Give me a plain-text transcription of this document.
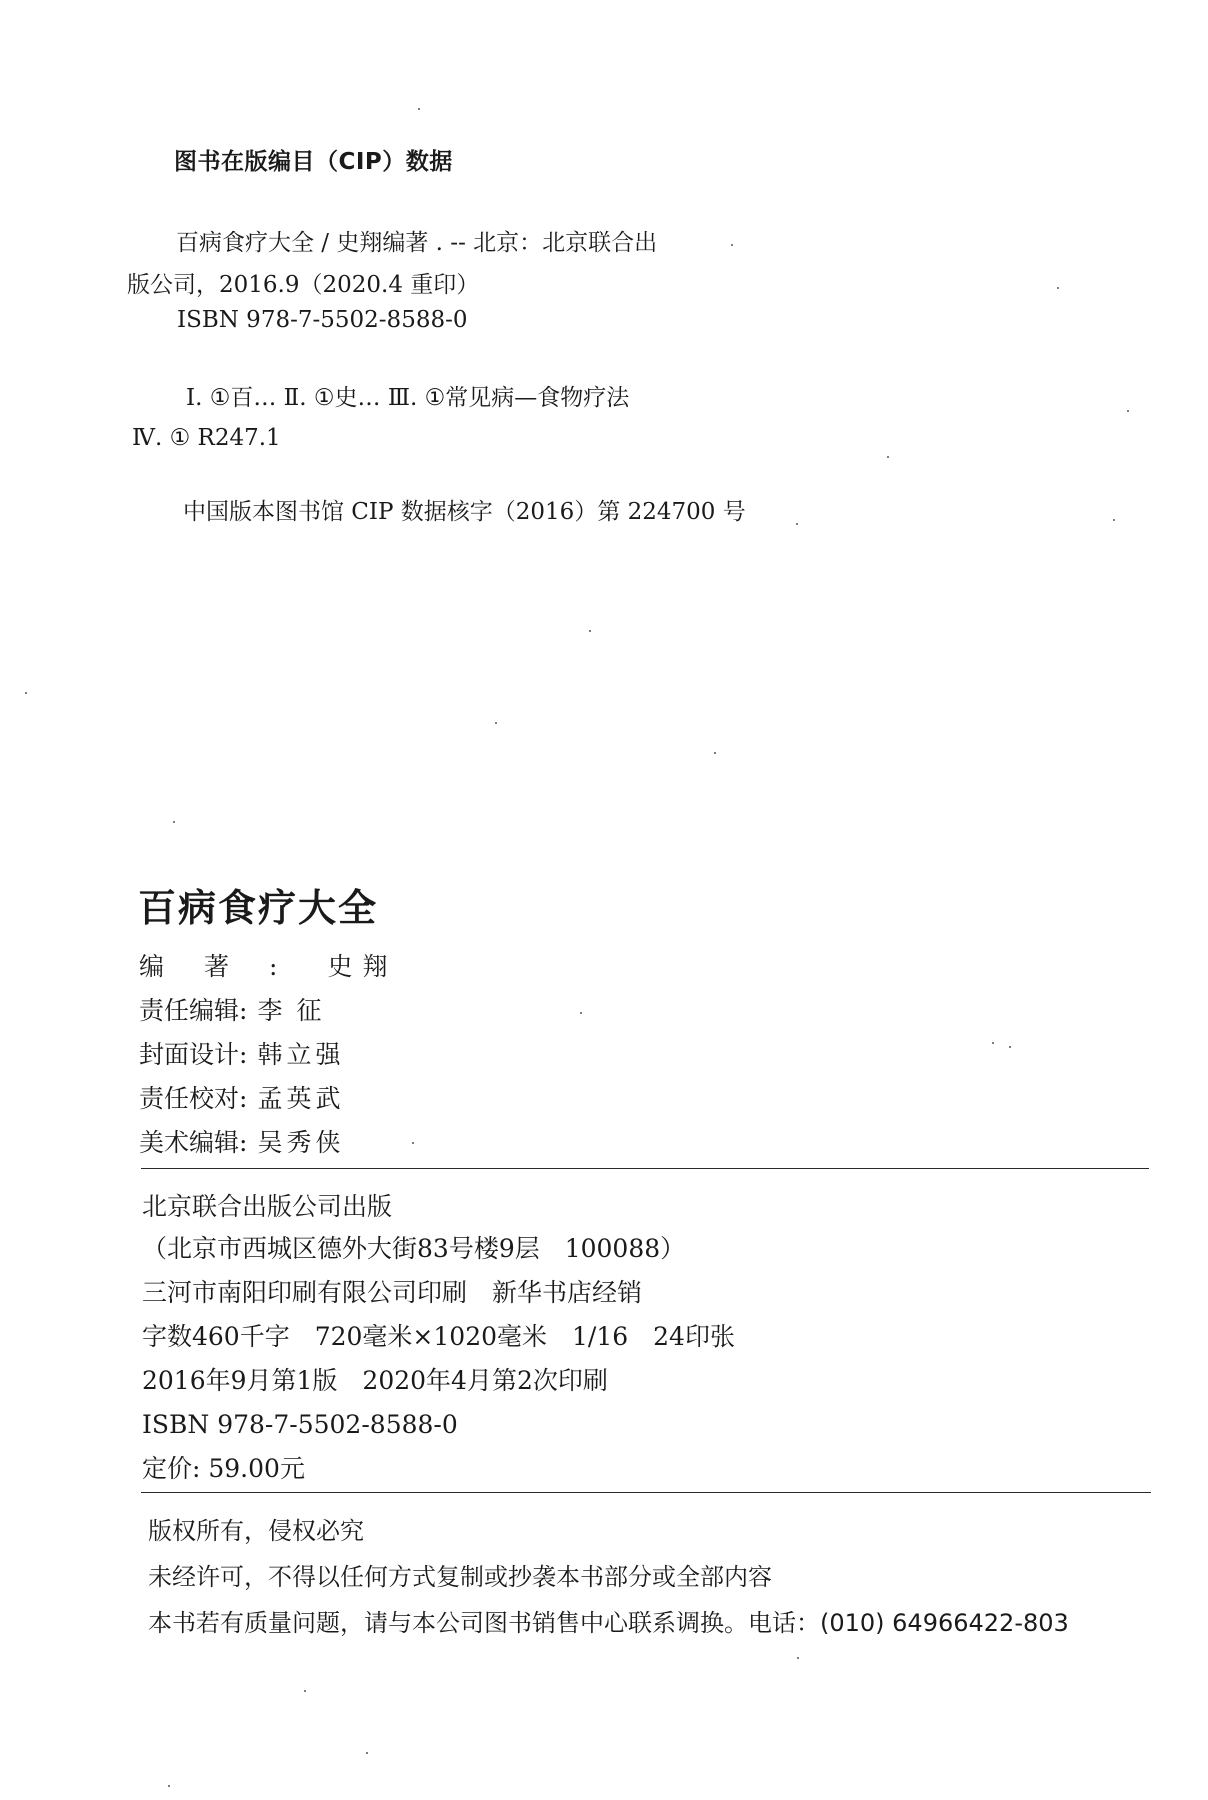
图书在版编目（CIP）数据
百病食疗大全 / 史翔编著 . -- 北京：北京联合出
版公司，2016.9（2020.4 重印）
ISBN 978-7-5502-8588-0
Ⅰ. ①百… Ⅱ. ①史… Ⅲ. ①常见病—食物疗法
Ⅳ. ① R247.1
中国版本图书馆 CIP 数据核字（2016）第 224700 号
百病食疗大全
编著: 史翔
责任编辑: 李征
封面设计: 韩立强
责任校对: 孟英武
美术编辑: 吴秀侠
北京联合出版公司出版
（北京市西城区德外大街83号楼9层　100088）
三河市南阳印刷有限公司印刷　新华书店经销
字数460千字　720毫米×1020毫米　1/16　24印张
2016年9月第1版　2020年4月第2次印刷
ISBN 978-7-5502-8588-0
定价: 59.00元
版权所有，侵权必究
未经许可，不得以任何方式复制或抄袭本书部分或全部内容
本书若有质量问题，请与本公司图书销售中心联系调换。电话：(010) 64966422-803
